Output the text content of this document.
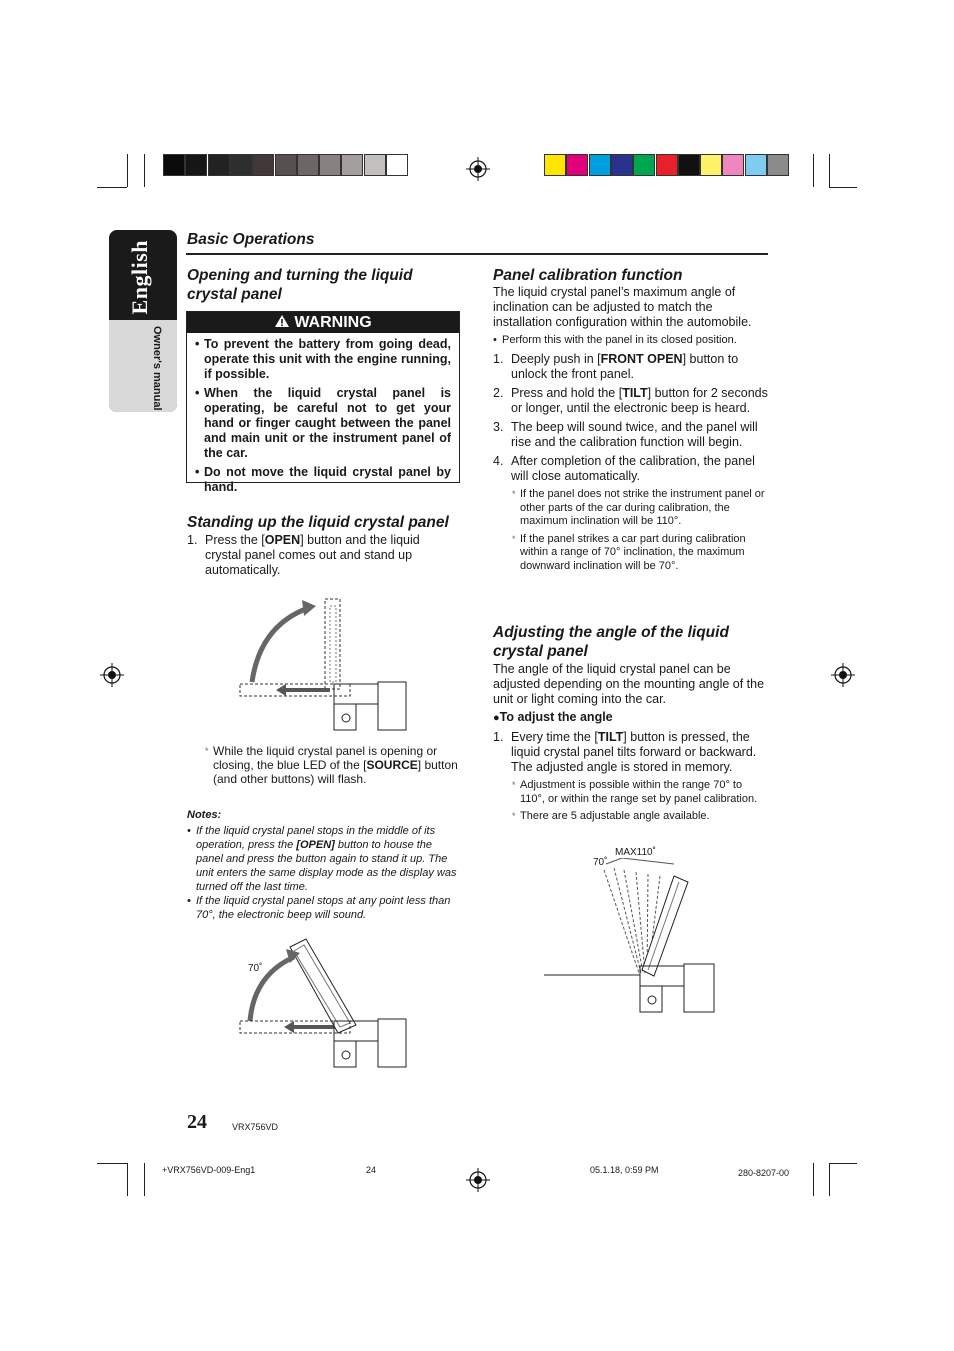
English
Owner's manual
Basic Operations
Opening and turning the liquid crystal panel
WARNING
• To prevent the battery from going dead, operate this unit with the engine running, if possible.
• When the liquid crystal panel is operating, be careful not to get your hand or finger caught between the panel and main unit or the instrument panel of the car.
• Do not move the liquid crystal panel by hand.
Standing up the liquid crystal panel
1. Press the [OPEN] button and the liquid crystal panel comes out and stand up automatically.
* While the liquid crystal panel is opening or closing, the blue LED of the [SOURCE] button (and other buttons) will flash.
Notes:
• If the liquid crystal panel stops in the middle of its operation, press the [OPEN] button to house the panel and press the button again to stand it up. The unit enters the same display mode as the display was turned off the last time.
• If the liquid crystal panel stops at any point less than 70°, the electronic beep will sound.
70˚
Panel calibration function

The liquid crystal panel’s maximum angle of inclination can be adjusted to match the installation configuration within the automobile.

• Perform this with the panel in its closed position.
1. Deeply push in [FRONT OPEN] button to unlock the front panel.
2. Press and hold the [TILT] button for 2 seconds or longer, until the electronic beep is heard.
3. The beep will sound twice, and the panel will rise and the calibration function will begin.
4. After completion of the calibration, the panel will close automatically.
* If the panel does not strike the instrument panel or other parts of the car during calibration, the maximum inclination will be 110°.
* If the panel strikes a car part during calibration within a range of 70° inclination, the maximum downward inclination will be 70°.
Adjusting the angle of the liquid crystal panel

The angle of the liquid crystal panel can be adjusted depending on the mounting angle of the unit or light coming into the car.

●To adjust the angle
1. Every time the [TILT] button is pressed, the liquid crystal panel tilts forward or backward. The adjusted angle is stored in memory.
* Adjustment is possible within the range 70° to 110°, or within the range set by panel calibration.
* There are 5 adjustable angle available.
MAX110˚
70˚
24	VRX756VD
+VRX756VD-009-Eng1	24	05.1.18, 0:59 PM	280-8207-00
